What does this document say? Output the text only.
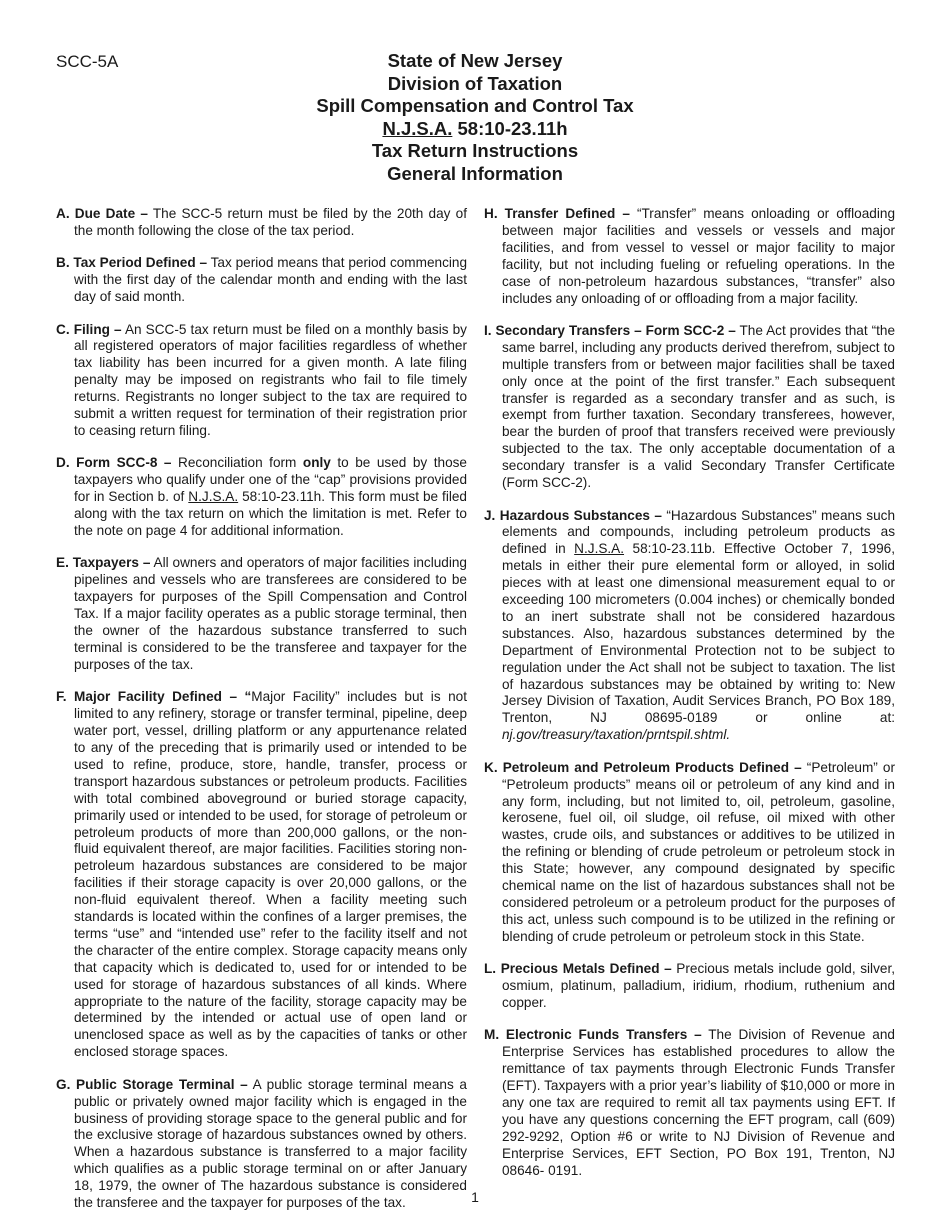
SCC-5A	State of New Jersey
Division of Taxation
Spill Compensation and Control Tax
N.J.S.A. 58:10-23.11h
Tax Return Instructions
General Information

A. Due Date – The SCC-5 return must be filed by the 20th day of the month following the close of the tax period.

B. Tax Period Defined – Tax period means that period commencing with the first day of the calendar month and ending with the last day of said month.

C. Filing – An SCC-5 tax return must be filed on a monthly basis by all registered operators of major facilities regardless of whether tax liability has been incurred for a given month. A late filing penalty may be imposed on registrants who fail to file timely returns. Registrants no longer subject to the tax are required to submit a written request for termination of their registration prior to ceasing return filing.

D. Form SCC-8 – Reconciliation form only to be used by those taxpayers who qualify under one of the “cap” provisions provided for in Section b. of N.J.S.A. 58:10-23.11h. This form must be filed along with the tax return on which the limitation is met. Refer to the note on page 4 for additional information.

E. Taxpayers – All owners and operators of major facilities including pipelines and vessels who are transferees are considered to be taxpayers for purposes of the Spill Compensation and Control Tax. If a major facility operates as a public storage terminal, then the owner of the hazardous substance transferred to such terminal is considered to be the transferee and taxpayer for the purposes of the tax.

F. Major Facility Defined – “Major Facility” includes but is not limited to any refinery, storage or transfer terminal, pipeline, deep water port, vessel, drilling platform or any appurtenance related to any of the preceding that is primarily used or intended to be used to refine, produce, store, handle, transfer, process or transport hazardous substances or petroleum products. Facilities with total combined aboveground or buried storage capacity, primarily used or intended to be used, for storage of petroleum or petroleum products of more than 200,000 gallons, or the non-fluid equivalent thereof, are major facilities. Facilities storing non-petroleum hazardous substances are considered to be major facilities if their storage capacity is over 20,000 gallons, or the non-fluid equivalent thereof. When a facility meeting such standards is located within the confines of a larger premises, the terms “use” and “intended use” refer to the facility itself and not the character of the entire complex. Storage capacity means only that capacity which is dedicated to, used for or intended to be used for storage of hazardous substances of all kinds. Where appropriate to the nature of the facility, storage capacity may be determined by the intended or actual use of open land or unenclosed space as well as by the capacities of tanks or other enclosed storage spaces.

G. Public Storage Terminal – A public storage terminal means a public or privately owned major facility which is engaged in the business of providing storage space to the general public and for the exclusive storage of hazardous substances owned by others. When a hazardous substance is transferred to a major facility which qualifies as a public storage terminal on or after January 18, 1979, the owner of The hazardous substance is considered the transferee and the taxpayer for purposes of the tax.

H. Transfer Defined – “Transfer” means onloading or offloading between major facilities and vessels or vessels and major facilities, and from vessel to vessel or major facility to major facility, but not including fueling or refueling operations. In the case of non-petroleum hazardous substances, “transfer” also includes any onloading of or offloading from a major facility.

I. Secondary Transfers – Form SCC-2 – The Act provides that “the same barrel, including any products derived therefrom, subject to multiple transfers from or between major facilities shall be taxed only once at the point of the first transfer.” Each subsequent transfer is regarded as a secondary transfer and as such, is exempt from further taxation. Secondary transferees, however, bear the burden of proof that transfers received were previously subjected to the tax. The only acceptable documentation of a secondary transfer is a valid Secondary Transfer Certificate (Form SCC-2).

J. Hazardous Substances – “Hazardous Substances” means such elements and compounds, including petroleum products as defined in N.J.S.A. 58:10-23.11b. Effective October 7, 1996, metals in either their pure elemental form or alloyed, in solid pieces with at least one dimensional measurement equal to or exceeding 100 micrometers (0.004 inches) or chemically bonded to an inert substrate shall not be considered hazardous substances. Also, hazardous substances determined by the Department of Environmental Protection not to be subject to regulation under the Act shall not be subject to taxation. The list of hazardous substances may be obtained by writing to: New Jersey Division of Taxation, Audit Services Branch, PO Box 189, Trenton, NJ 08695-0189 or online at: nj.gov/treasury/taxation/prntspil.shtml.

K. Petroleum and Petroleum Products Defined – “Petroleum” or “Petroleum products” means oil or petroleum of any kind and in any form, including, but not limited to, oil, petroleum, gasoline, kerosene, fuel oil, oil sludge, oil refuse, oil mixed with other wastes, crude oils, and substances or additives to be utilized in the refining or blending of crude petroleum or petroleum stock in this State; however, any compound designated by specific chemical name on the list of hazardous substances shall not be considered petroleum or a petroleum product for the purposes of this act, unless such compound is to be utilized in the refining or blending of crude petroleum or petroleum stock in this State.

L. Precious Metals Defined – Precious metals include gold, silver, osmium, platinum, palladium, iridium, rhodium, ruthenium and copper.

M. Electronic Funds Transfers – The Division of Revenue and Enterprise Services has established procedures to allow the remittance of tax payments through Electronic Funds Transfer (EFT). Taxpayers with a prior year’s liability of $10,000 or more in any one tax are required to remit all tax payments using EFT. If you have any questions concerning the EFT program, call (609) 292-9292, Option #6 or write to NJ Division of Revenue and Enterprise Services, EFT Section, PO Box 191, Trenton, NJ 08646- 0191.

1
